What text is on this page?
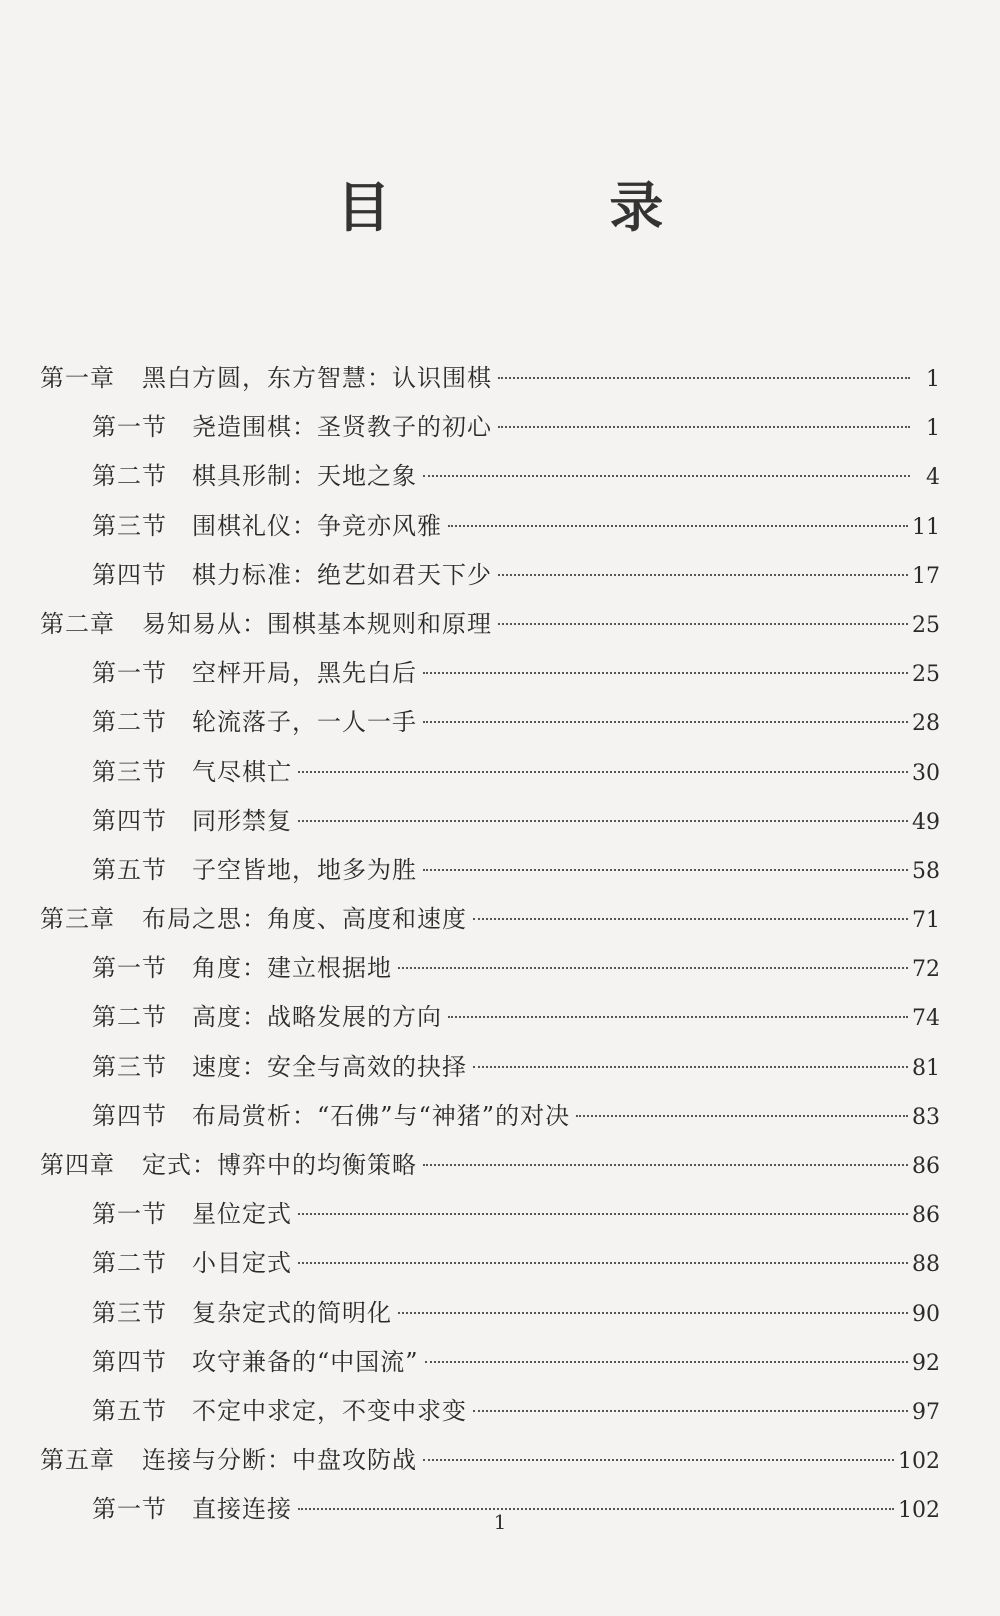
目 录
第一章	黑白方圆，东方智慧：认识围棋	1
第一节	尧造围棋：圣贤教子的初心	1
第二节	棋具形制：天地之象	4
第三节	围棋礼仪：争竞亦风雅	11
第四节	棋力标准：绝艺如君天下少	17
第二章	易知易从：围棋基本规则和原理	25
第一节	空枰开局，黑先白后	25
第二节	轮流落子，一人一手	28
第三节	气尽棋亡	30
第四节	同形禁复	49
第五节	子空皆地，地多为胜	58
第三章	布局之思：角度、高度和速度	71
第一节	角度：建立根据地	72
第二节	高度：战略发展的方向	74
第三节	速度：安全与高效的抉择	81
第四节	布局赏析：“石佛”与“神猪”的对决	83
第四章	定式：博弈中的均衡策略	86
第一节	星位定式	86
第二节	小目定式	88
第三节	复杂定式的简明化	90
第四节	攻守兼备的“中国流”	92
第五节	不定中求定，不变中求变	97
第五章	连接与分断：中盘攻防战	102
第一节	直接连接	102
1
